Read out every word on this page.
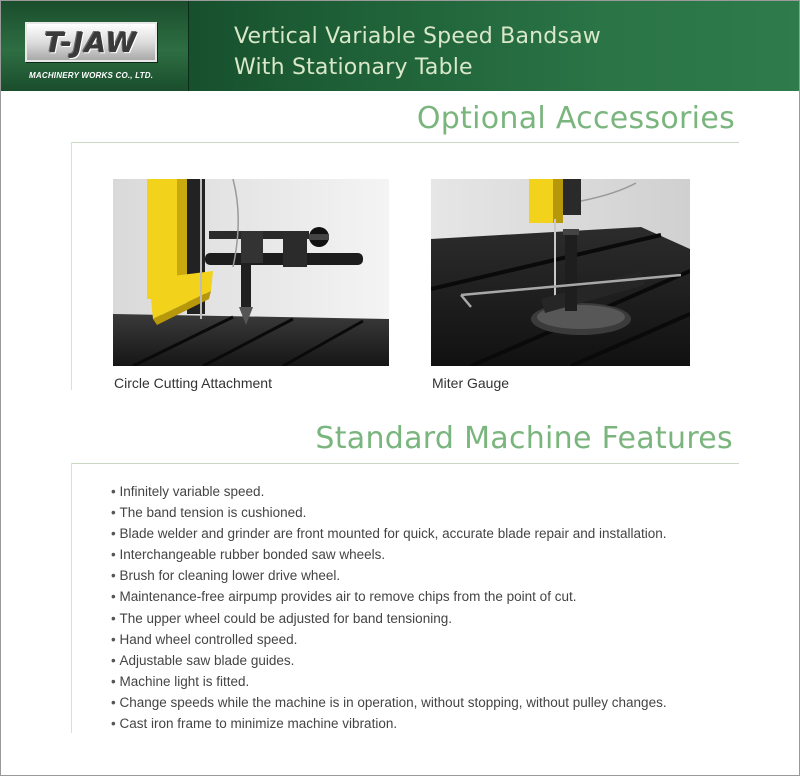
T-JAW
MACHINERY WORKS CO., LTD.
Vertical Variable Speed Bandsaw
With Stationary Table
Optional Accessories
Circle Cutting Attachment	Miter Gauge
Standard Machine Features
• Infinitely variable speed.
• The band tension is cushioned.
• Blade welder and grinder are front mounted for quick, accurate blade repair and installation.
• Interchangeable rubber bonded saw wheels.
• Brush for cleaning lower drive wheel.
• Maintenance-free airpump provides air to remove chips from the point of cut.
• The upper wheel could be adjusted for band tensioning.
• Hand wheel controlled speed.
• Adjustable saw blade guides.
• Machine light is fitted.
• Change speeds while the machine is in operation, without stopping, without pulley changes.
• Cast iron frame to minimize machine vibration.
